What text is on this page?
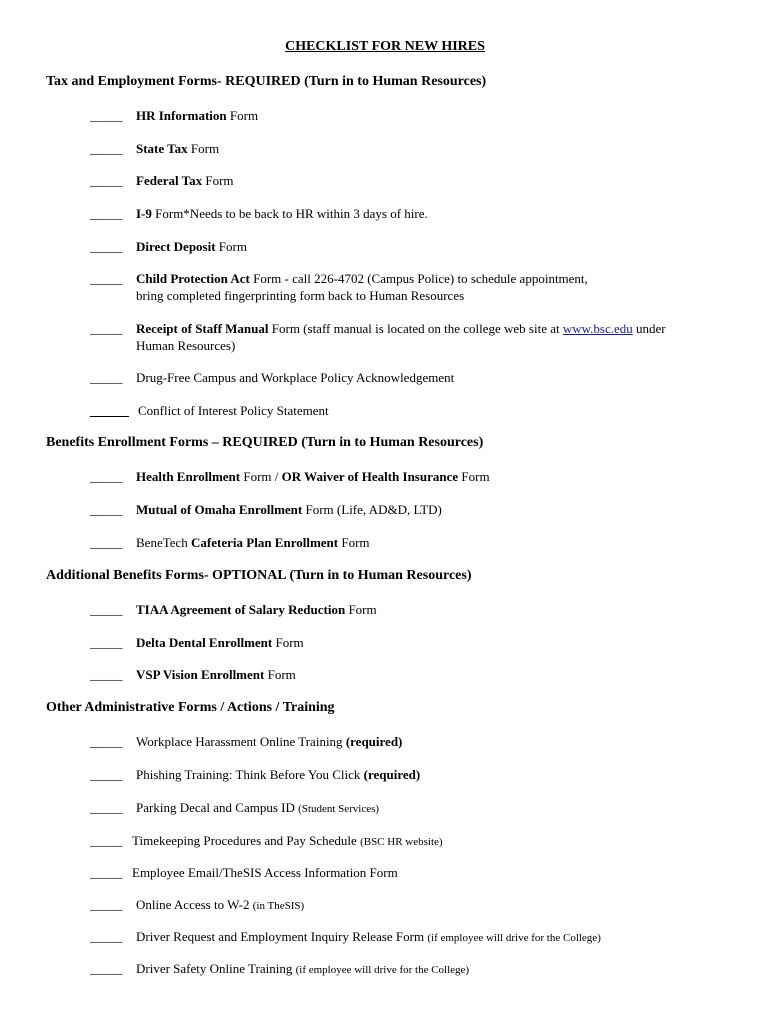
CHECKLIST FOR NEW HIRES
Tax and Employment Forms- REQUIRED (Turn in to Human Resources)
_____ HR Information Form
_____ State Tax Form
_____ Federal Tax Form
_____ I-9 Form*Needs to be back to HR within 3 days of hire.
_____ Direct Deposit Form
_____ Child Protection Act Form - call 226-4702 (Campus Police) to schedule appointment,
bring completed fingerprinting form back to Human Resources
_____ Receipt of Staff Manual Form (staff manual is located on the college web site at www.bsc.edu under
Human Resources)
_____ Drug-Free Campus and Workplace Policy Acknowledgement
______ Conflict of Interest Policy Statement
Benefits Enrollment Forms – REQUIRED (Turn in to Human Resources)
_____ Health Enrollment Form / OR Waiver of Health Insurance Form
_____ Mutual of Omaha Enrollment Form (Life, AD&D, LTD)
_____ BeneTech Cafeteria Plan Enrollment Form
Additional Benefits Forms- OPTIONAL (Turn in to Human Resources)
_____ TIAA Agreement of Salary Reduction Form
_____ Delta Dental Enrollment Form
_____ VSP Vision Enrollment Form
Other Administrative Forms / Actions / Training
_____ Workplace Harassment Online Training (required)
_____ Phishing Training: Think Before You Click (required)
_____ Parking Decal and Campus ID (Student Services)
_____ Timekeeping Procedures and Pay Schedule (BSC HR website)
_____ Employee Email/TheSIS Access Information Form
_____ Online Access to W-2 (in TheSIS)
_____ Driver Request and Employment Inquiry Release Form (if employee will drive for the College)
_____ Driver Safety Online Training (if employee will drive for the College)
